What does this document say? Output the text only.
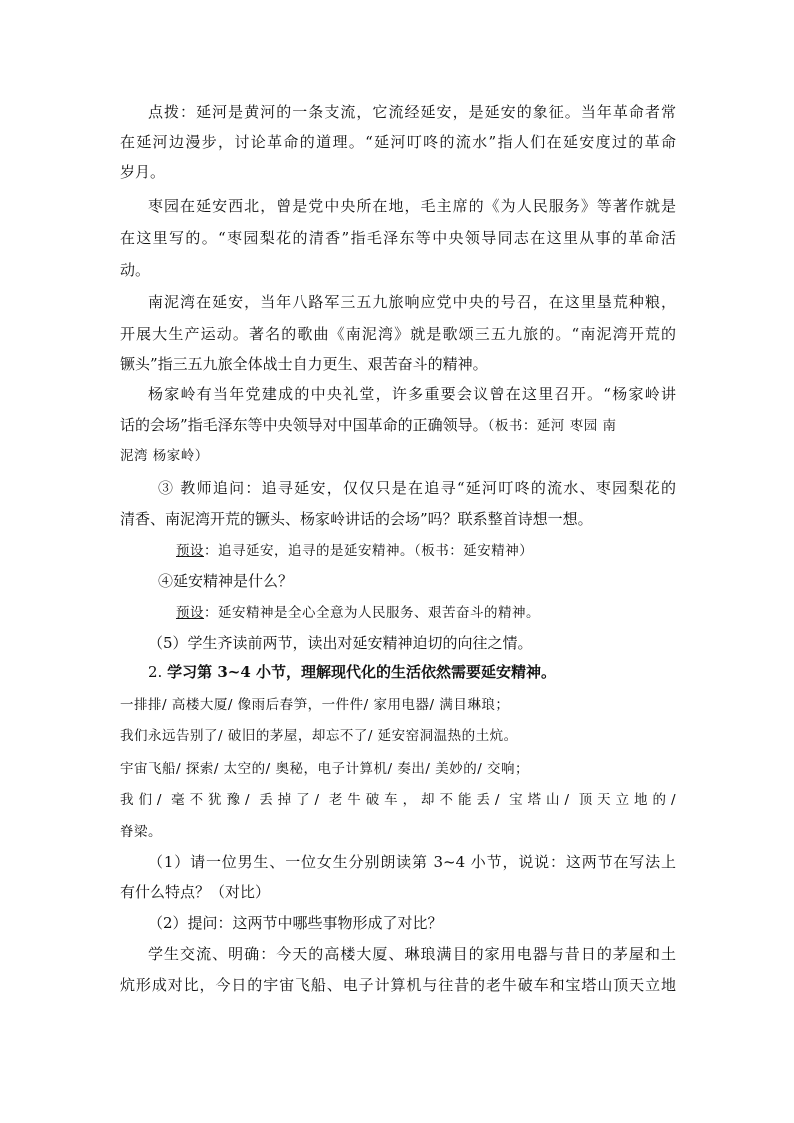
点拨：延河是黄河的一条支流，它流经延安，是延安的象征。当年革命者常
在延河边漫步，讨论革命的道理。“延河叮咚的流水”指人们在延安度过的革命
岁月。
枣园在延安西北，曾是党中央所在地，毛主席的《为人民服务》等著作就是
在这里写的。“枣园梨花的清香”指毛泽东等中央领导同志在这里从事的革命活
动。
南泥湾在延安，当年八路军三五九旅响应党中央的号召，在这里垦荒种粮，
开展大生产运动。著名的歌曲《南泥湾》就是歌颂三五九旅的。“南泥湾开荒的
镢头”指三五九旅全体战士自力更生、艰苦奋斗的精神。
杨家岭有当年党建成的中央礼堂，许多重要会议曾在这里召开。“杨家岭讲
话的会场”指毛泽东等中央领导对中国革命的正确领导。（板书：延河 枣园 南
泥湾 杨家岭）
③ 教师追问：追寻延安，仅仅只是在追寻“延河叮咚的流水、枣园梨花的
清香、南泥湾开荒的镢头、杨家岭讲话的会场”吗？联系整首诗想一想。
预设：追寻延安，追寻的是延安精神。（板书：延安精神）
④延安精神是什么？
预设：延安精神是全心全意为人民服务、艰苦奋斗的精神。
（5）学生齐读前两节，读出对延安精神迫切的向往之情。
2. 学习第 3~4 小节，理解现代化的生活依然需要延安精神。
一排排/ 高楼大厦/ 像雨后春笋，一件件/ 家用电器/ 满目琳琅；
我们永远告别了/ 破旧的茅屋，却忘不了/ 延安窑洞温热的土炕。
宇宙飞船/ 探索/ 太空的/ 奥秘，电子计算机/ 奏出/ 美妙的/ 交响；
我们/ 毫不犹豫/ 丢掉了/ 老牛破车，却不能丢/ 宝塔山/ 顶天立地的/
脊梁。
（1）请一位男生、一位女生分别朗读第 3~4 小节，说说：这两节在写法上
有什么特点？（对比）
（2）提问：这两节中哪些事物形成了对比？
学生交流、明确：今天的高楼大厦、琳琅满目的家用电器与昔日的茅屋和土
炕形成对比，今日的宇宙飞船、电子计算机与往昔的老牛破车和宝塔山顶天立地
